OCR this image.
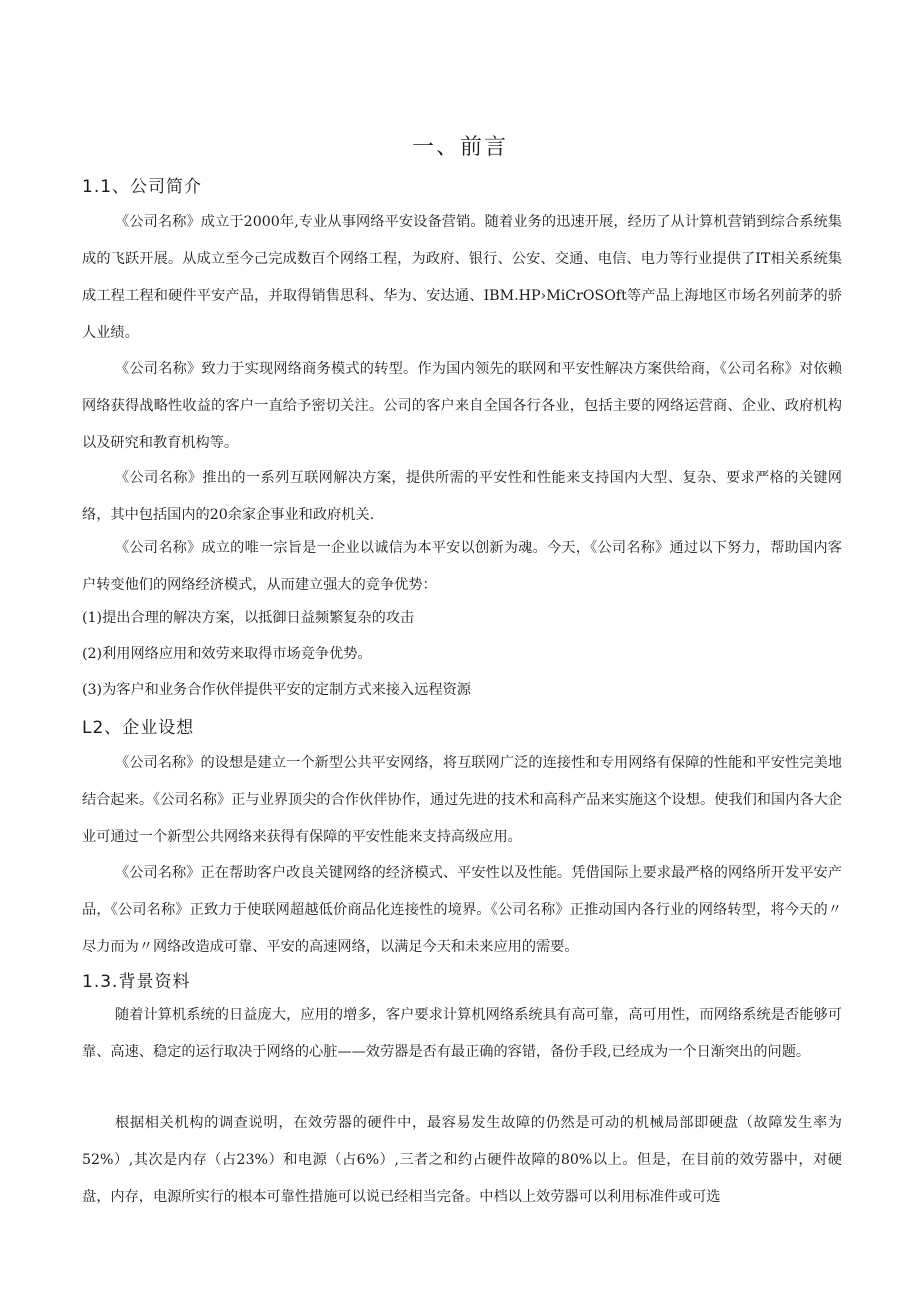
一、前言
1.1、公司简介
《公司名称》成立于2000年,专业从事网络平安设备营销。随着业务的迅速开展，经历了从计算机营销到综合系统集成的飞跃开展。从成立至今己完成数百个网络工程，为政府、银行、公安、交通、电信、电力等行业提供了IT相关系统集成工程工程和硬件平安产品，并取得销售思科、华为、安达通、IBM.HP›MiCrOSOft等产品上海地区市场名列前茅的骄人业绩。
《公司名称》致力于实现网络商务模式的转型。作为国内领先的联网和平安性解决方案供给商，《公司名称》对依赖网络获得战略性收益的客户一直给予密切关注。公司的客户来自全国各行各业，包括主要的网络运营商、企业、政府机构以及研究和教育机构等。
《公司名称》推出的一系列互联网解决方案，提供所需的平安性和性能来支持国内大型、复杂、要求严格的关键网络，其中包括国内的20余家企事业和政府机关.
《公司名称》成立的唯一宗旨是一企业以诚信为本平安以创新为魂。今天，《公司名称》通过以下努力，帮助国内客户转变他们的网络经济模式，从而建立强大的竞争优势：
(1)提出合理的解决方案，以抵御日益频繁复杂的攻击
(2)利用网络应用和效劳来取得市场竞争优势。
(3)为客户和业务合作伙伴提供平安的定制方式来接入远程资源
L2、企业设想
《公司名称》的设想是建立一个新型公共平安网络，将互联网广泛的连接性和专用网络有保障的性能和平安性完美地结合起来。《公司名称》正与业界顶尖的合作伙伴协作，通过先进的技术和高科产品来实施这个设想。使我们和国内各大企业可通过一个新型公共网络来获得有保障的平安性能来支持高级应用。
《公司名称》正在帮助客户改良关键网络的经济模式、平安性以及性能。凭借国际上要求最严格的网络所开发平安产品，《公司名称》正致力于使联网超越低价商品化连接性的境界。《公司名称》正推动国内各行业的网络转型，将今天的〃尽力而为〃网络改造成可靠、平安的高速网络，以满足今天和未来应用的需要。
1.3.背景资料
随着计算机系统的日益庞大，应用的增多，客户要求计算机网络系统具有高可靠，高可用性，而网络系统是否能够可靠、高速、稳定的运行取决于网络的心脏——效劳器是否有最正确的容错，备份手段,已经成为一个日渐突出的问题。
根据相关机构的调查说明，在效劳器的硬件中，最容易发生故障的仍然是可动的机械局部即硬盘（故障发生率为52%）,其次是内存（占23%）和电源（占6%）,三者之和约占硬件故障的80%以上。但是，在目前的效劳器中，对硬盘，内存，电源所实行的根本可靠性措施可以说已经相当完备。中档以上效劳器可以利用标准件或可选
